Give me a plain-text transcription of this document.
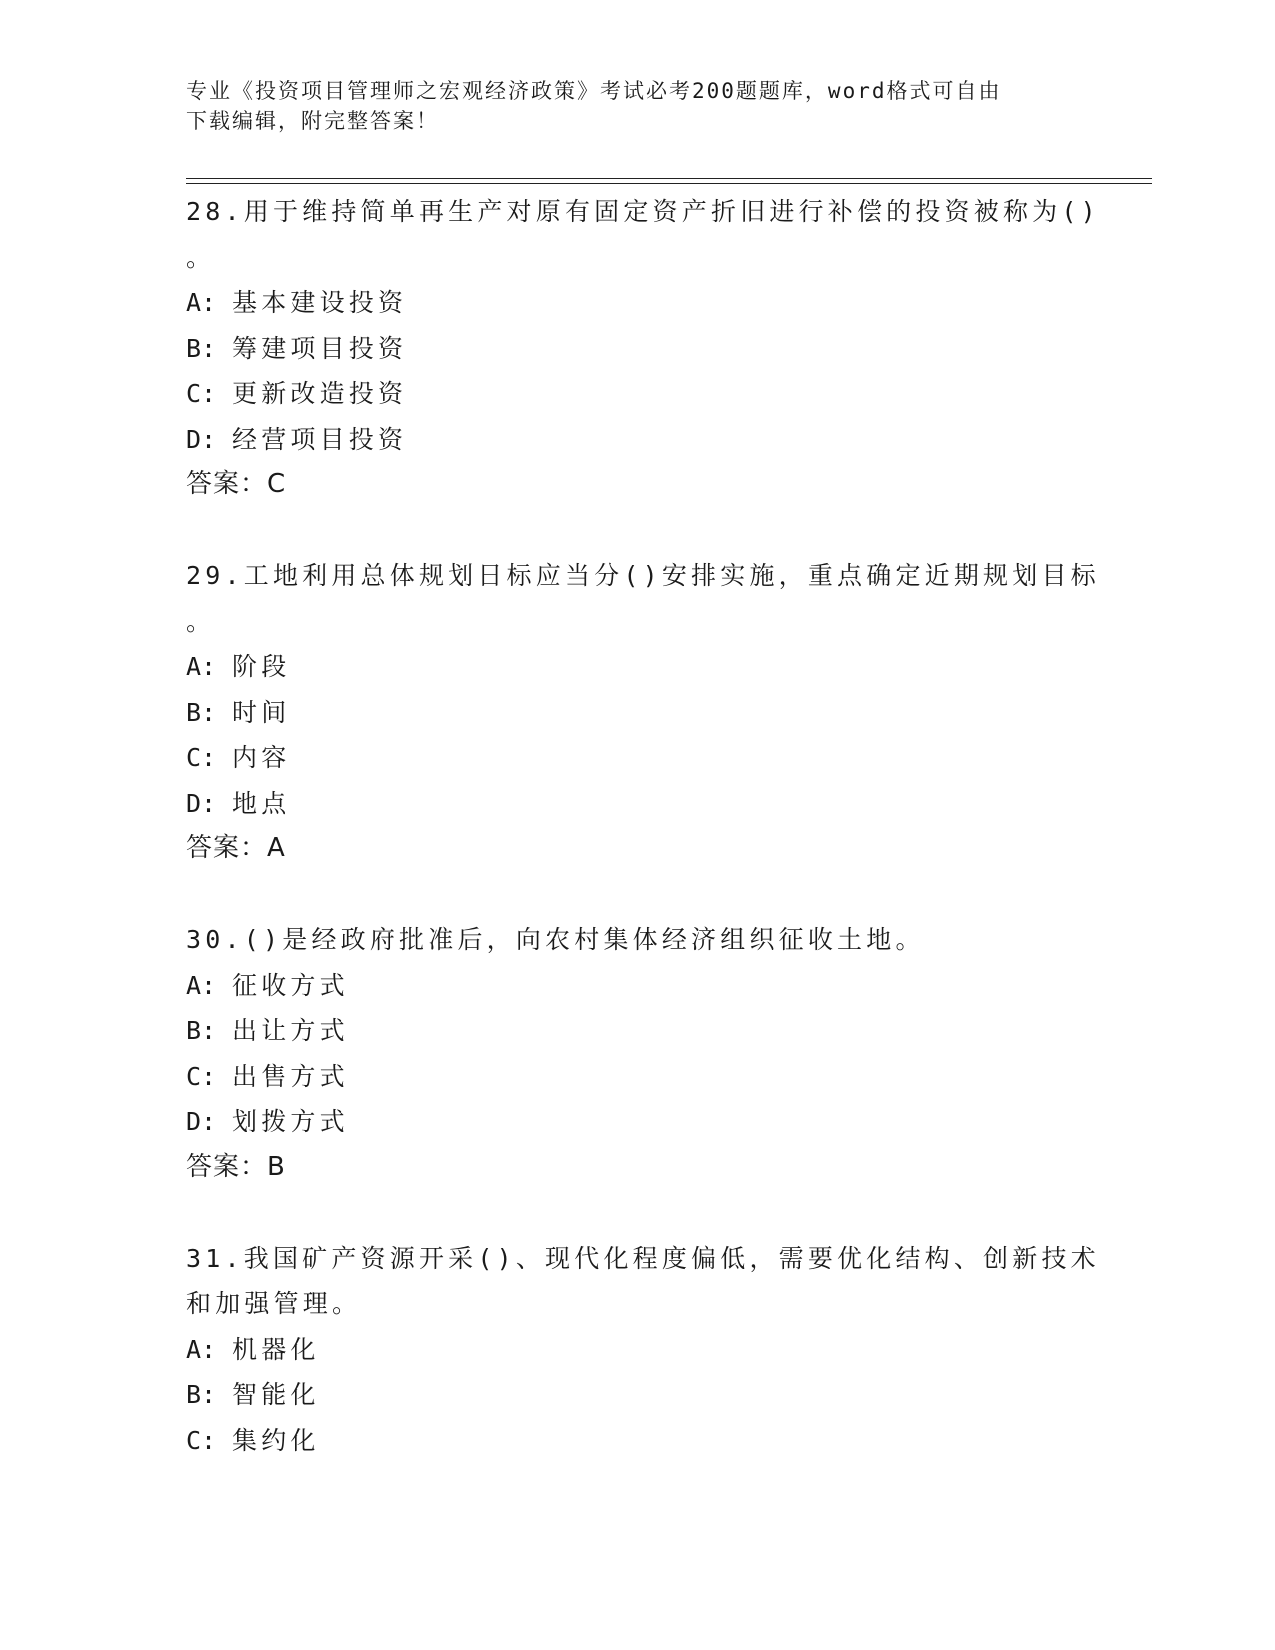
专业《投资项目管理师之宏观经济政策》考试必考200题题库，word格式可自由
下载编辑，附完整答案！
28.用于维持简单再生产对原有固定资产折旧进行补偿的投资被称为()
。
A: 基本建设投资
B: 筹建项目投资
C: 更新改造投资
D: 经营项目投资
答案：C
29.工地利用总体规划日标应当分()安排实施，重点确定近期规划目标
。
A: 阶段
B: 时间
C: 内容
D: 地点
答案：A
30.()是经政府批准后，向农村集体经济组织征收土地。
A: 征收方式
B: 出让方式
C: 出售方式
D: 划拨方式
答案：B
31.我国矿产资源开采()、现代化程度偏低，需要优化结构、创新技术
和加强管理。
A: 机器化
B: 智能化
C: 集约化
